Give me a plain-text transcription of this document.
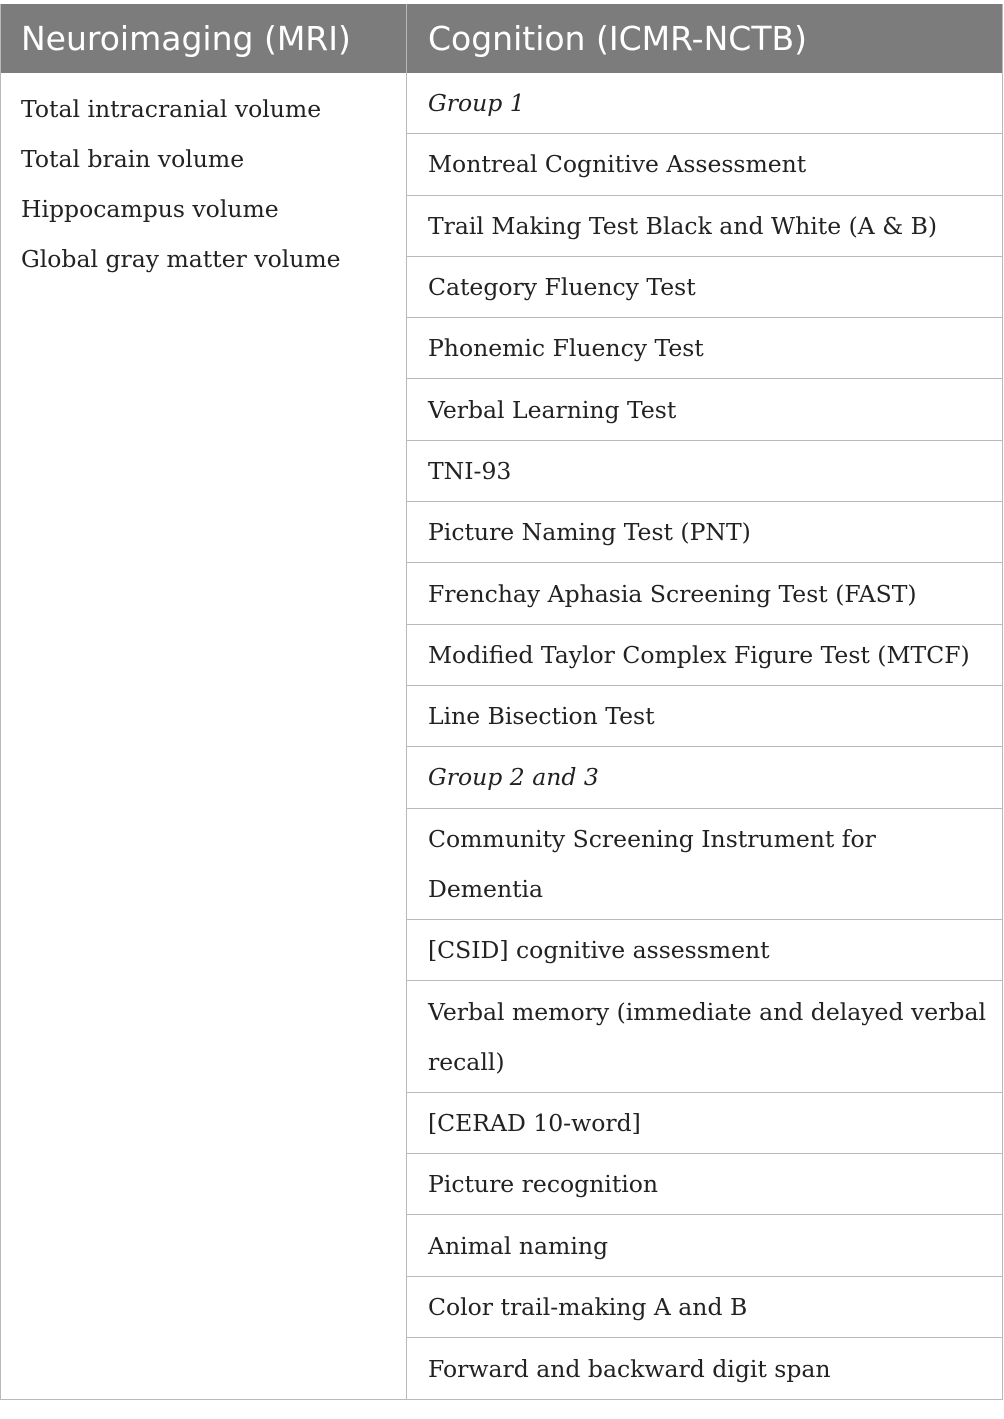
Neuroimaging (MRI)	Cognition (ICMR-NCTB)
Total intracranial volume
Total brain volume
Hippocampus volume
Global gray matter volume
Group 1
Montreal Cognitive Assessment
Trail Making Test Black and White (A & B)
Category Fluency Test
Phonemic Fluency Test
Verbal Learning Test
TNI-93
Picture Naming Test (PNT)
Frenchay Aphasia Screening Test (FAST)
Modified Taylor Complex Figure Test (MTCF)
Line Bisection Test
Group 2 and 3
Community Screening Instrument for Dementia
[CSID] cognitive assessment
Verbal memory (immediate and delayed verbal recall)
[CERAD 10-word]
Picture recognition
Animal naming
Color trail-making A and B
Forward and backward digit span
